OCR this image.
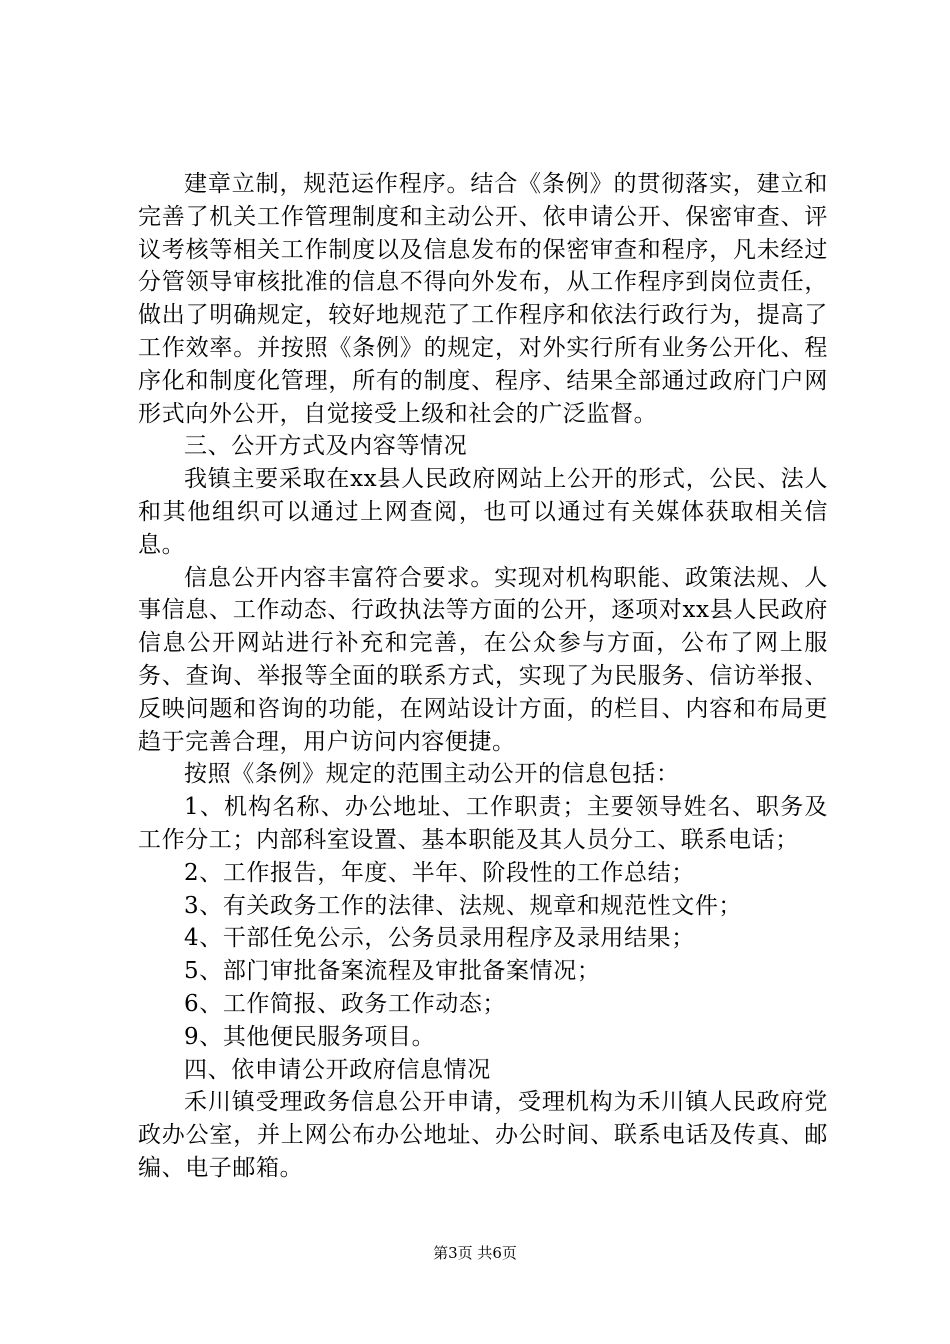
建章立制，规范运作程序。结合《条例》的贯彻落实，建立和完善了机关工作管理制度和主动公开、依申请公开、保密审查、评议考核等相关工作制度以及信息发布的保密审查和程序，凡未经过分管领导审核批准的信息不得向外发布，从工作程序到岗位责任，做出了明确规定，较好地规范了工作程序和依法行政行为，提高了工作效率。并按照《条例》的规定，对外实行所有业务公开化、程序化和制度化管理，所有的制度、程序、结果全部通过政府门户网形式向外公开，自觉接受上级和社会的广泛监督。

三、公开方式及内容等情况

我镇主要采取在xx县人民政府网站上公开的形式，公民、法人和其他组织可以通过上网查阅，也可以通过有关媒体获取相关信息。

信息公开内容丰富符合要求。实现对机构职能、政策法规、人事信息、工作动态、行政执法等方面的公开，逐项对xx县人民政府信息公开网站进行补充和完善，在公众参与方面，公布了网上服务、查询、举报等全面的联系方式，实现了为民服务、信访举报、反映问题和咨询的功能，在网站设计方面，的栏目、内容和布局更趋于完善合理，用户访问内容便捷。

按照《条例》规定的范围主动公开的信息包括：

1、机构名称、办公地址、工作职责；主要领导姓名、职务及工作分工；内部科室设置、基本职能及其人员分工、联系电话；

2、工作报告，年度、半年、阶段性的工作总结；

3、有关政务工作的法律、法规、规章和规范性文件；

4、干部任免公示，公务员录用程序及录用结果；

5、部门审批备案流程及审批备案情况；

6、工作简报、政务工作动态；

9、其他便民服务项目。

四、依申请公开政府信息情况

禾川镇受理政务信息公开申请，受理机构为禾川镇人民政府党政办公室，并上网公布办公地址、办公时间、联系电话及传真、邮编、电子邮箱。

第3页 共6页
